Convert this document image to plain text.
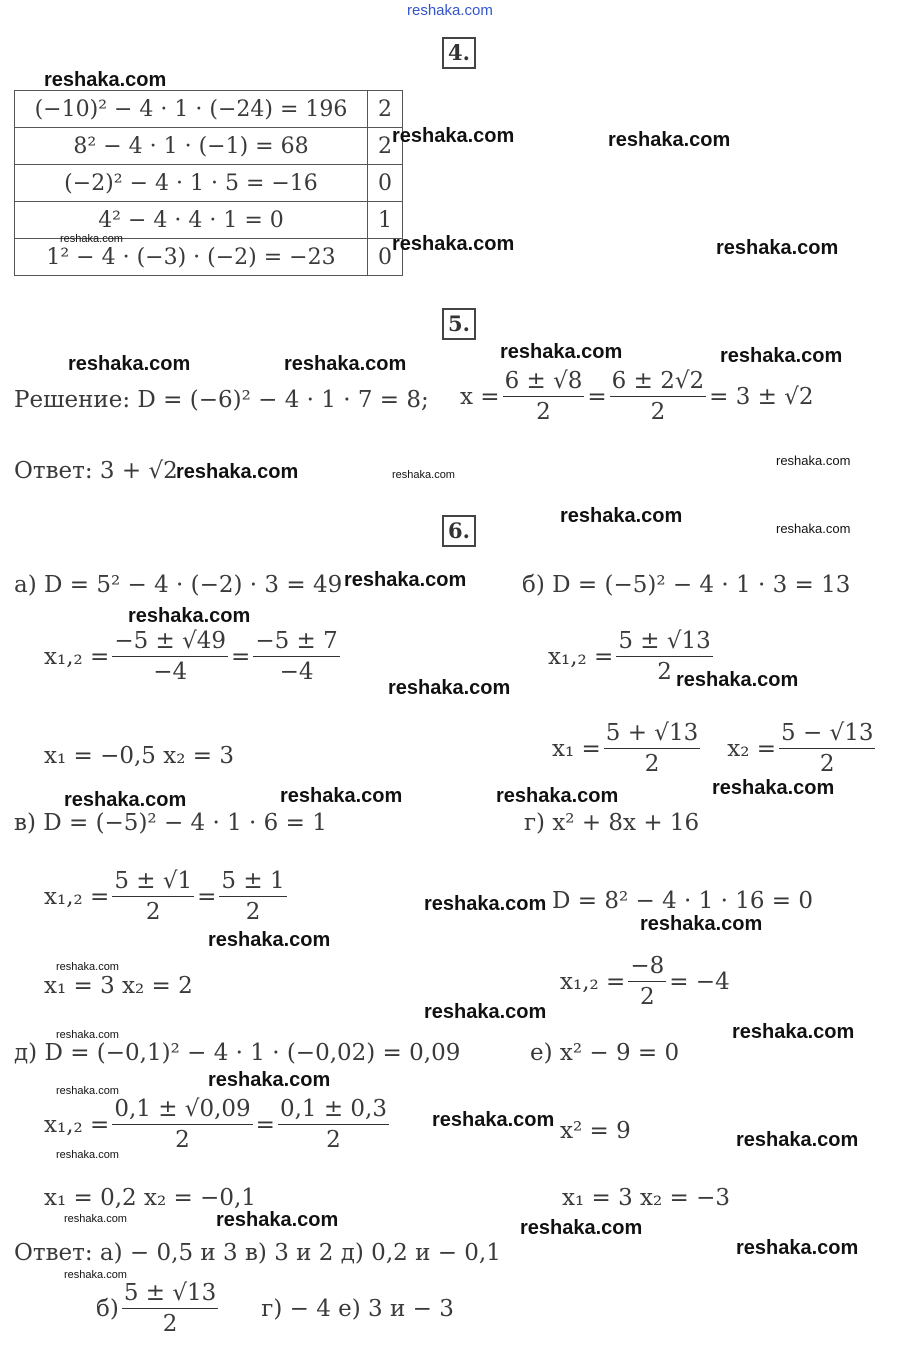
reshaka.com
4.
(−10)² − 4 · 1 · (−24) = 196	2
8² − 4 · 1 · (−1) = 68	2
(−2)² − 4 · 1 · 5 = −16	0
4² − 4 · 4 · 1 = 0	1
1² − 4 · (−3) · (−2) = −23	0
5.
Решение: D = (−6)² − 4 · 1 · 7 = 8; $x = \frac{6 \pm √8}{2} = \frac{6 \pm 2√2}{2} = 3 \pm √2$
Ответ: 3 + √2
6.
а) D = 5² − 4 · (−2) · 3 = 49
$x_1,_2 = \frac{-5 \pm √49}{-4} = \frac{-5 \pm 7}{-4}$
x₁ = −0,5 x₂ = 3
б) D = (−5)² − 4 · 1 · 3 = 13
$x_1,_2 = \frac{5 \pm √13}{2}$
$x_1 = \frac{5 + √13}{2} x_2 = \frac{5 - √13}{2}$
в) D = (−5)² − 4 · 1 · 6 = 1
$x_1,_2 = \frac{5 \pm √1}{2} = \frac{5 \pm 1}{2}$
x₁ = 3 x₂ = 2
г) x² + 8x + 16
D = 8² − 4 · 1 · 16 = 0
$x_1,_2 = \frac{-8}{2} = -4$
д) D = (−0,1)² − 4 · 1 · (−0,02) = 0,09
$x_1,_2 = \frac{0,1 \pm √0,09}{2} = \frac{0,1 \pm 0,3}{2}$
x₁ = 0,2 x₂ = −0,1
е) x² − 9 = 0
x² = 9
x₁ = 3 x₂ = −3
Ответ: а) − 0,5 и 3 в) 3 и 2 д) 0,2 и − 0,1
$б) \frac{5 \pm √13}{2} г) - 4$ е) 3 и − 3
reshaka.com
reshaka.com	reshaka.com
reshaka.com	reshaka.com	reshaka.com
reshaka.com	reshaka.com
reshaka.com	reshaka.com
reshaka.com	reshaka.com
reshaka.com
reshaka.com
reshaka.com
reshaka.com
reshaka.com
reshaka.com	reshaka.com
reshaka.com	reshaka.com	reshaka.com	reshaka.com
reshaka.com
reshaka.com
reshaka.com
reshaka.com
reshaka.com
reshaka.com
reshaka.com
reshaka.com
reshaka.com
reshaka.com
reshaka.com
reshaka.com
reshaka.com	reshaka.com	reshaka.com
reshaka.com
reshaka.com
